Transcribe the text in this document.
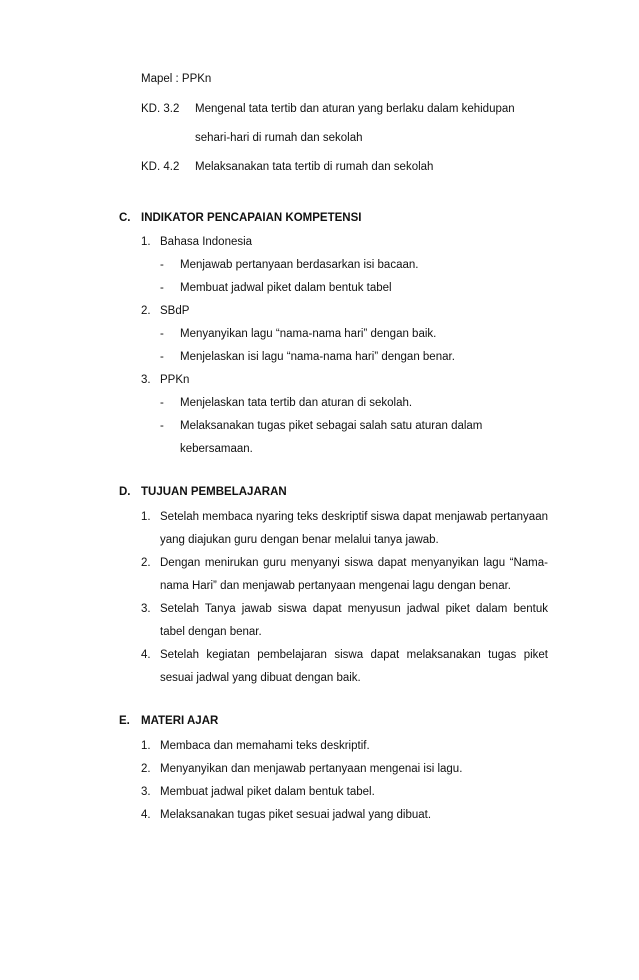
Mapel : PPKn
KD. 3.2 Mengenal tata tertib dan aturan yang berlaku dalam kehidupan
sehari-hari di rumah dan sekolah
KD. 4.2 Melaksanakan tata tertib di rumah dan sekolah
C. INDIKATOR PENCAPAIAN KOMPETENSI
1. Bahasa Indonesia
- Menjawab pertanyaan berdasarkan isi bacaan.
- Membuat jadwal piket dalam bentuk tabel
2. SBdP
- Menyanyikan lagu “nama-nama hari” dengan baik.
- Menjelaskan isi lagu “nama-nama hari” dengan benar.
3. PPKn
- Menjelaskan tata tertib dan aturan di sekolah.
- Melaksanakan tugas piket sebagai salah satu aturan dalam
kebersamaan.
D. TUJUAN PEMBELAJARAN
1. Setelah membaca nyaring teks deskriptif siswa dapat menjawab pertanyaan
yang diajukan guru dengan benar melalui tanya jawab.
2. Dengan menirukan guru menyanyi siswa dapat menyanyikan lagu “Nama-
nama Hari” dan menjawab pertanyaan mengenai lagu dengan benar.
3. Setelah Tanya jawab siswa dapat menyusun jadwal piket dalam bentuk
tabel dengan benar.
4. Setelah kegiatan pembelajaran siswa dapat melaksanakan tugas piket
sesuai jadwal yang dibuat dengan baik.
E. MATERI AJAR
1. Membaca dan memahami teks deskriptif.
2. Menyanyikan dan menjawab pertanyaan mengenai isi lagu.
3. Membuat jadwal piket dalam bentuk tabel.
4. Melaksanakan tugas piket sesuai jadwal yang dibuat.
